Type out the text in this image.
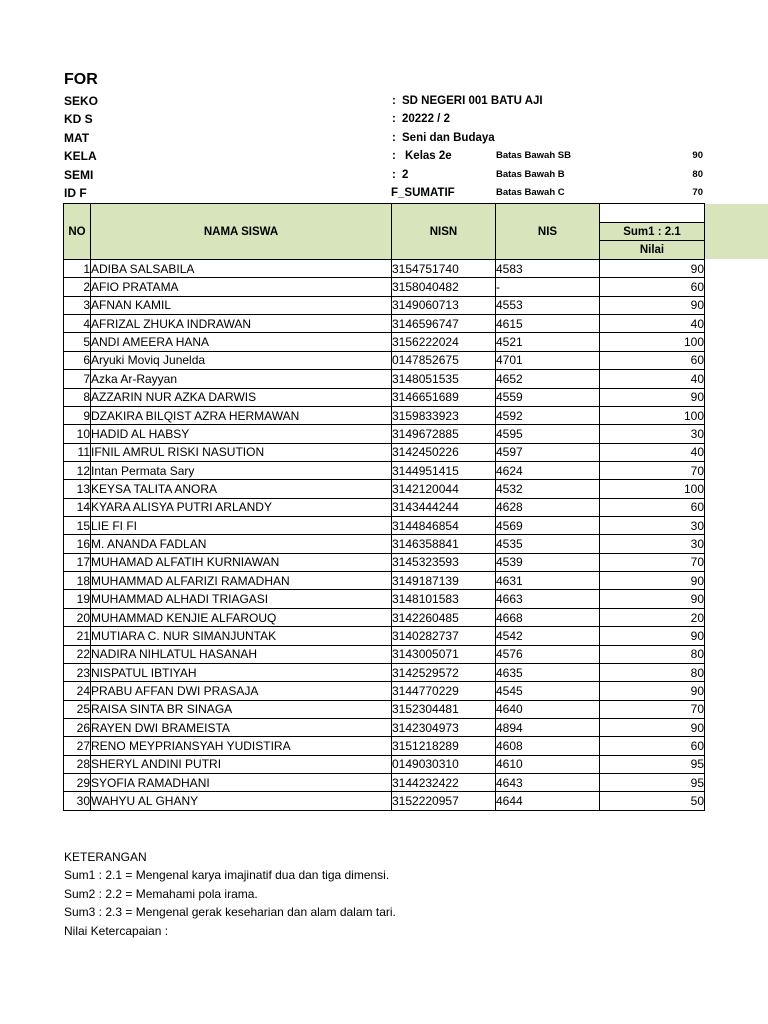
FOR
SEKO	: SD NEGERI 001 BATU AJI
KD S	: 20222 / 2
MAT	: Seni dan Budaya
KELA	: Kelas 2e	Batas Bawah SB	90
SEMI	: 2	Batas Bawah B	80
ID F	F_SUMATIF	Batas Bawah C	70
NO	NAMA SISWA	NISN	NIS	
				Sum1 : 2.1
				Nilai
1	ADIBA SALSABILA	3154751740	4583	90
2	AFIO PRATAMA	3158040482	-	60
3	AFNAN KAMIL	3149060713	4553	90
4	AFRIZAL ZHUKA INDRAWAN	3146596747	4615	40
5	ANDI AMEERA HANA	3156222024	4521	100
6	Aryuki Moviq Junelda	0147852675	4701	60
7	Azka Ar-Rayyan	3148051535	4652	40
8	AZZARIN NUR AZKA DARWIS	3146651689	4559	90
9	DZAKIRA BILQIST AZRA HERMAWAN	3159833923	4592	100
10	HADID AL HABSY	3149672885	4595	30
11	IFNIL AMRUL RISKI NASUTION	3142450226	4597	40
12	Intan Permata Sary	3144951415	4624	70
13	KEYSA TALITA ANORA	3142120044	4532	100
14	KYARA ALISYA PUTRI ARLANDY	3143444244	4628	60
15	LIE FI FI	3144846854	4569	30
16	M. ANANDA FADLAN	3146358841	4535	30
17	MUHAMAD ALFATIH KURNIAWAN	3145323593	4539	70
18	MUHAMMAD ALFARIZI RAMADHAN	3149187139	4631	90
19	MUHAMMAD ALHADI TRIAGASI	3148101583	4663	90
20	MUHAMMAD KENJIE ALFAROUQ	3142260485	4668	20
21	MUTIARA C. NUR SIMANJUNTAK	3140282737	4542	90
22	NADIRA NIHLATUL HASANAH	3143005071	4576	80
23	NISPATUL IBTIYAH	3142529572	4635	80
24	PRABU AFFAN DWI PRASAJA	3144770229	4545	90
25	RAISA SINTA BR SINAGA	3152304481	4640	70
26	RAYEN DWI BRAMEISTA	3142304973	4894	90
27	RENO MEYPRIANSYAH YUDISTIRA	3151218289	4608	60
28	SHERYL ANDINI PUTRI	0149030310	4610	95
29	SYOFIA RAMADHANI	3144232422	4643	95
30	WAHYU AL GHANY	3152220957	4644	50
KETERANGAN
Sum1 : 2.1 = Mengenal karya imajinatif dua dan tiga dimensi.
Sum2 : 2.2 = Memahami pola irama.
Sum3 : 2.3 = Mengenal gerak keseharian dan alam dalam tari.
Nilai Ketercapaian :
